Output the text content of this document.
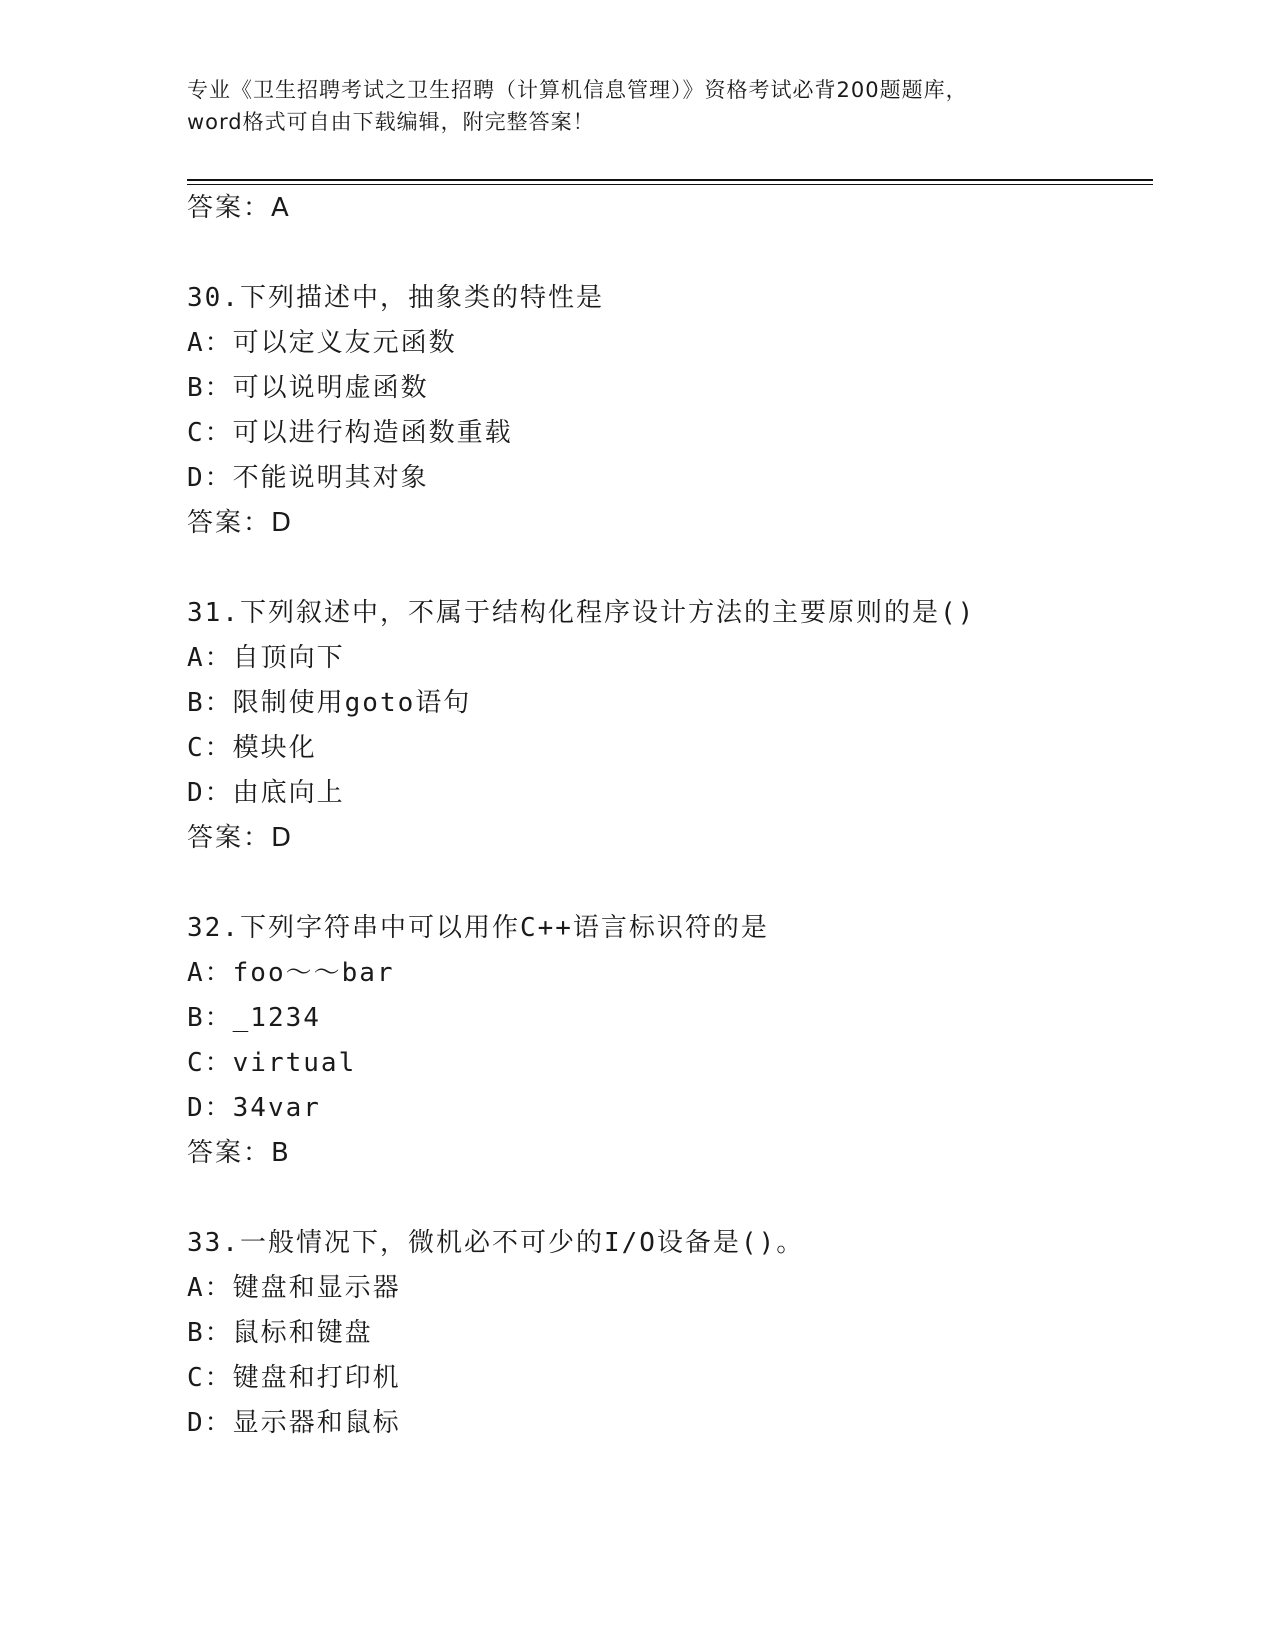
专业《卫生招聘考试之卫生招聘（计算机信息管理）》资格考试必背200题题库，
word格式可自由下载编辑，附完整答案！
答案：A
30.下列描述中，抽象类的特性是
A：可以定义友元函数
B：可以说明虚函数
C：可以进行构造函数重载
D：不能说明其对象
答案：D
31.下列叙述中，不属于结构化程序设计方法的主要原则的是()
A：自顶向下
B：限制使用goto语句
C：模块化
D：由底向上
答案：D
32.下列字符串中可以用作C++语言标识符的是
A：foo～～bar
B：_1234
C：virtual
D：34var
答案：B
33.一般情况下，微机必不可少的I/O设备是()。
A：键盘和显示器
B：鼠标和键盘
C：键盘和打印机
D：显示器和鼠标
